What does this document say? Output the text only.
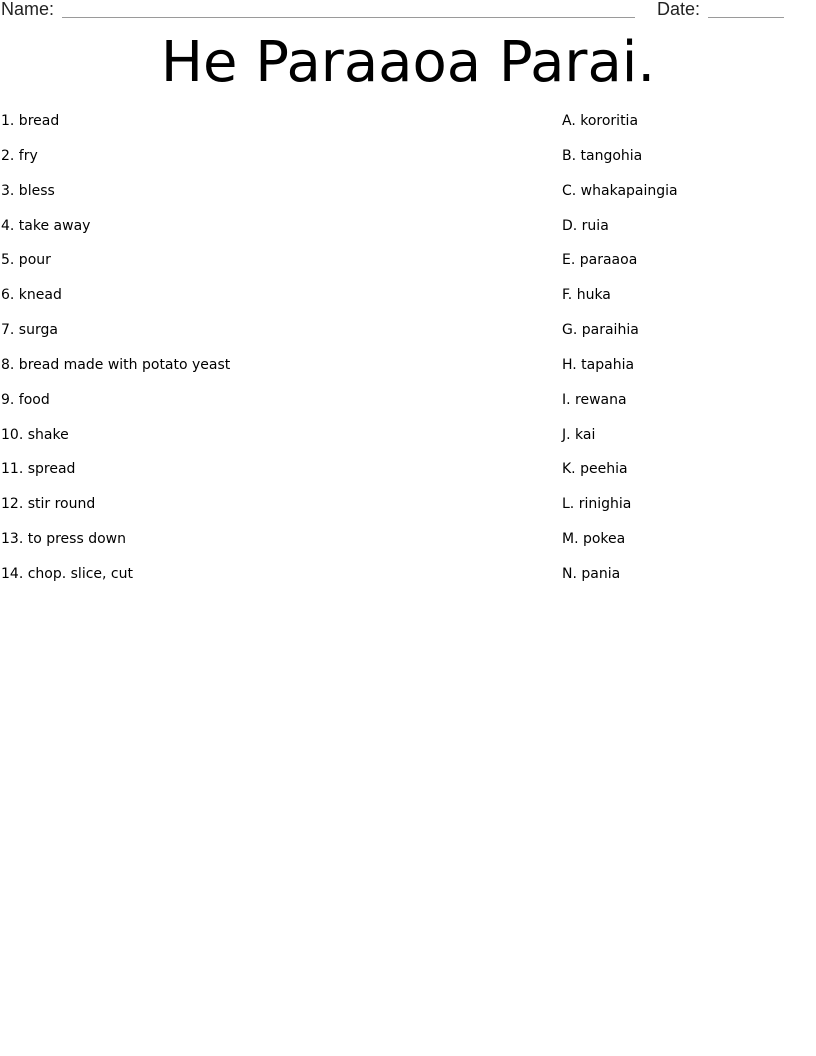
Name:	Date:
He Paraaoa Parai.
1. bread
2. fry
3. bless
4. take away
5. pour
6. knead
7. surga
8. bread made with potato yeast
9. food
10. shake
11. spread
12. stir round
13. to press down
14. chop. slice, cut
A. kororitia
B. tangohia
C. whakapaingia
D. ruia
E. paraaoa
F. huka
G. paraihia
H. tapahia
I. rewana
J. kai
K. peehia
L. rinighia
M. pokea
N. pania
